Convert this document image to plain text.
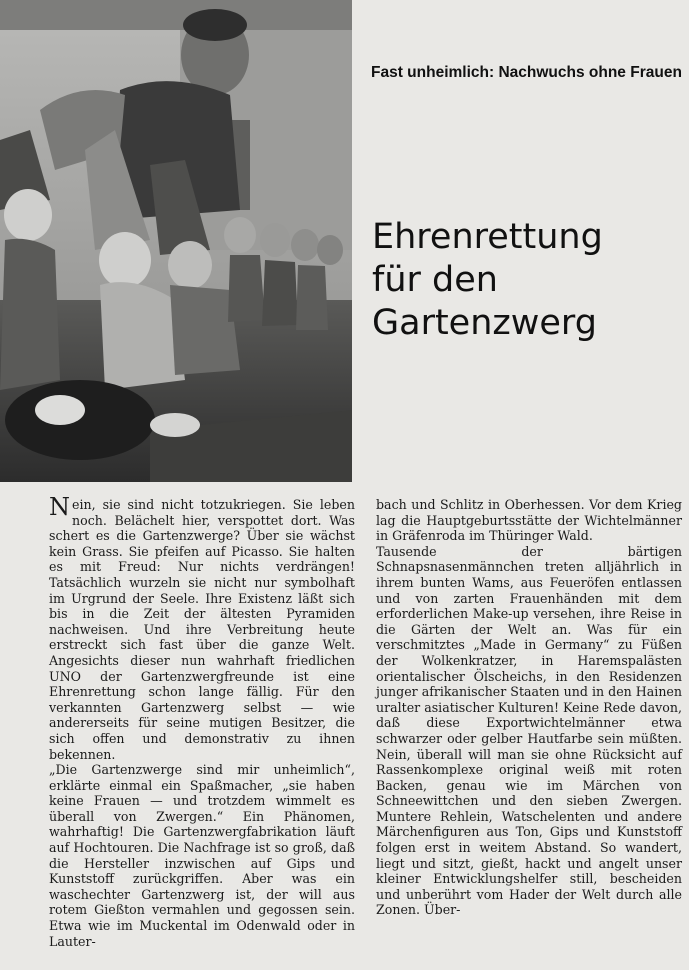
Fast unheimlich: Nachwuchs ohne Frauen
Ehrenrettung
für den
Gartenzwerg

Nein, sie sind nicht totzukriegen. Sie leben noch. Belächelt hier, verspottet dort. Was schert es die Gartenzwerge? Über sie wächst kein Grass. Sie pfeifen auf Picasso. Sie halten es mit Freud: Nur nichts verdrängen! Tatsächlich wurzeln sie nicht nur symbolhaft im Urgrund der Seele. Ihre Existenz läßt sich bis in die Zeit der ältesten Pyramiden nachweisen. Und ihre Verbreitung heute erstreckt sich fast über die ganze Welt. Angesichts dieser nun wahrhaft friedlichen UNO der Gartenzwergfreunde ist eine Ehrenrettung schon lange fällig. Für den verkannten Gartenzwerg selbst — wie andererseits für seine mutigen Besitzer, die sich offen und demonstrativ zu ihnen bekennen.

„Die Gartenzwerge sind mir unheimlich“, erklärte einmal ein Spaßmacher, „sie haben keine Frauen — und trotzdem wimmelt es überall von Zwergen.“ Ein Phänomen, wahrhaftig! Die Gartenzwergfabrikation läuft auf Hochtouren. Die Nachfrage ist so groß, daß die Hersteller inzwischen auf Gips und Kunststoff zurückgriffen. Aber was ein waschechter Gartenzwerg ist, der will aus rotem Gießton vermahlen und gegossen sein. Etwa wie im Muckental im Odenwald oder in Lauter-

bach und Schlitz in Oberhessen. Vor dem Krieg lag die Hauptgeburtsstätte der Wichtelmänner in Gräfenroda im Thüringer Wald.

Tausende der bärtigen Schnapsnasenmännchen treten alljährlich in ihrem bunten Wams, aus Feueröfen entlassen und von zarten Frauenhänden mit dem erforderlichen Make-up versehen, ihre Reise in die Gärten der Welt an. Was für ein verschmitztes „Made in Germany“ zu Füßen der Wolkenkratzer, in Haremspalästen orientalischer Ölscheichs, in den Residenzen junger afrikanischer Staaten und in den Hainen uralter asiatischer Kulturen! Keine Rede davon, daß diese Exportwichtelmänner etwa schwarzer oder gelber Hautfarbe sein müßten. Nein, überall will man sie ohne Rücksicht auf Rassenkomplexe original weiß mit roten Backen, genau wie im Märchen von Schneewittchen und den sieben Zwergen. Muntere Rehlein, Watschelenten und andere Märchenfiguren aus Ton, Gips und Kunststoff folgen erst in weitem Abstand. So wandert, liegt und sitzt, gießt, hackt und angelt unser kleiner Entwicklungshelfer still, bescheiden und unberührt vom Hader der Welt durch alle Zonen. Über-
